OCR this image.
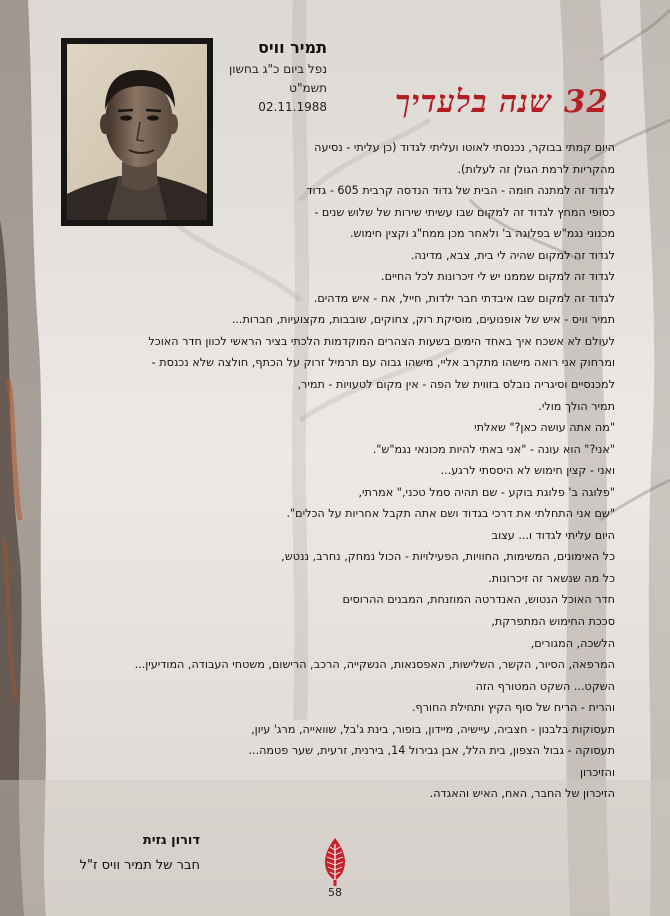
תמיר וויס
נפל ביום כ"ג בחשון תשמ"ט
02.11.1988 32 שנה בלעדיך
היום קמתי בבוקר, נכנסתי לאוטו ועליתי לגדוד (כן עליתי - נסיעה
מהקריות לרמת הגולן זה לעלות).
לגדוד זה למתנה חומה - הבית של גדוד הנדסה קרבית 605 - גדוד
כסופי המחץ לגדוד זה למקום שבו עשיתי שירות של שלוש שנים -
מכנוני נגמ"ש בפלוגה ב' ולאחר מכן ממח"ג וקצין חימוש.
לגדוד זה למקום שהיה לי בית, צבא, מדינה.
לגדוד זה למקום שממנו יש לי זיכרונות לכל החיים.
לגדוד זה למקום שבו איבדתי חבר ילדות, חייל, אח - איש מדהים.
תמיר וויס - איש של אופנועים, מוסיקת רוק, צחוקים, שובבות, מקצועיות, חברות...
לעולם לא אשכח איך באחד הימים בשעות הצהרים המוקדמות הלכתי בציר הראשי לכוון חדר האוכל
ומרחוק אני רואה מישהו מתקרב אליי, מישהו גבוה עם תרמיל זרוק על הכתף, חולצה שלא נכנסת -
למכנסיים וסיגריה נובלס בזווית של הפה - אין מקום לטעויות - תמיר,
תמיר הולך מולי.
"מה אתה עושה כאן?" שאלתי
"אני?" הוא עונה - "אני באתי להיות מכונאי נגמ"ש".
ואני - קצין חימוש לא היססתי לרגע...
"פלוגה ב' פלוגת בוקע - שם תהיה סמל טכני," אמרתי,
"שם אני התחלתי את דרכי בגדוד ושם אתה תקבל אחריות על הכלים".
היום עליתי לגדוד ו... עצוב
כל האימונים, המשימות, החוויות, הפעילויות - הכול נמחק, נחרב, ננטש,
כל מה שנשאר זה זיכרונות.
חדר האוכל הנטוש, האנדרטה המוזנחת, המבנים ההרוסים
סככת החימוש המתפרקת,
הלשכה, המגורים,
המרפאה, הסיור, הקשר, השלישות, האפסנאות, הנשקייה, הרכב, הרישום, משטחי העבודה, המודיעין...
השקט... השקט המטורף הזה
והריח - הריח של סוף הקיץ ותחילת החורף.
תעסוקות בלבנון - חצביה, עיישיה, מיידון, בופור, בינת ג'בל, שוואייה, מרג' עיון,
תעסוקה - גבול הצפון, בית הלל, אבן גבירול 14, בירנית, זרעית, שער פטמה...
והזיכרון
הזיכרון של החבר, האח, האיש והאגדה.
דורון גזית
חבר של תמיר וויס ז"ל
58
